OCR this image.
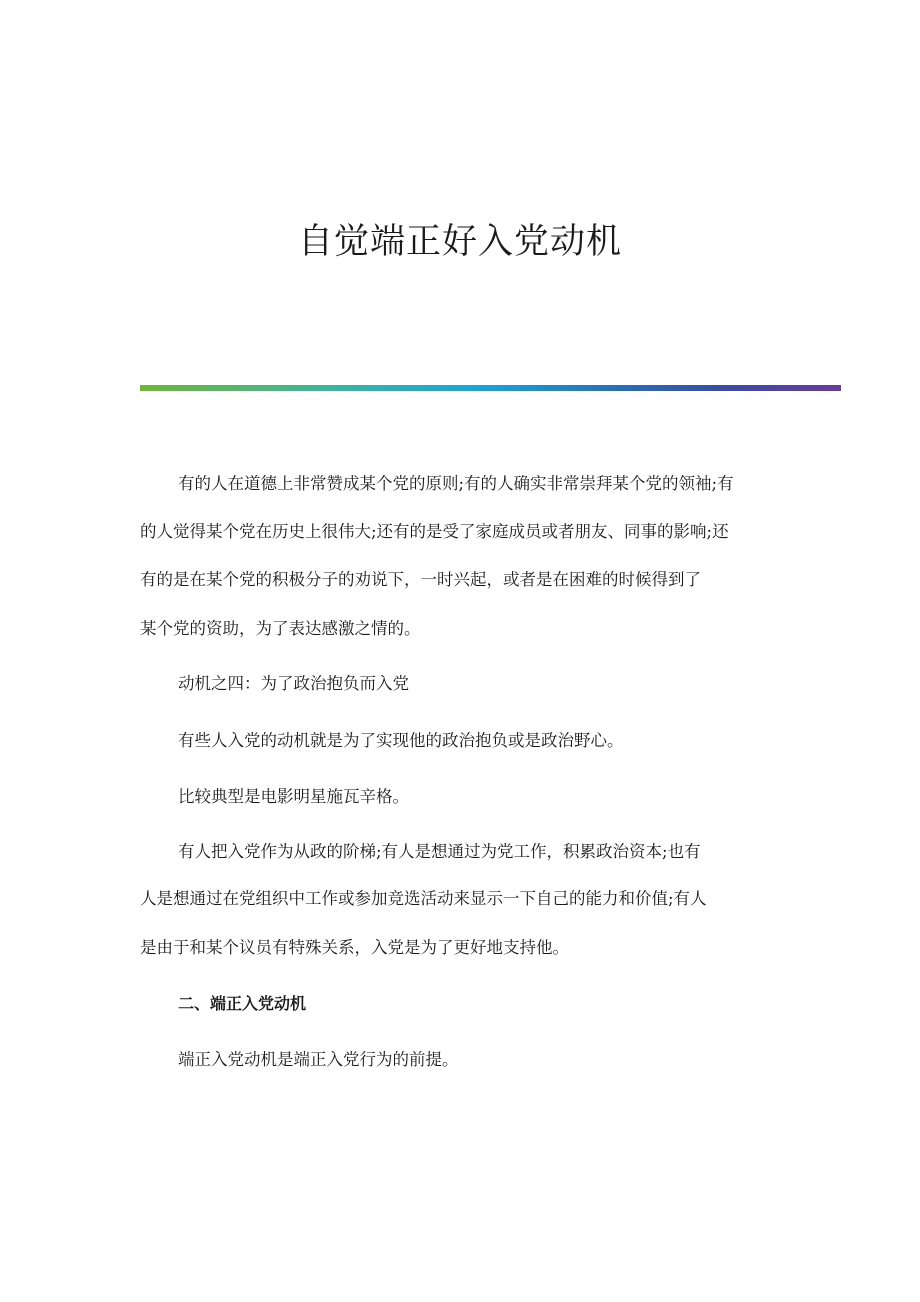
自觉端正好入党动机

有的人在道德上非常赞成某个党的原则;有的人确实非常崇拜某个党的领袖;有

的人觉得某个党在历史上很伟大;还有的是受了家庭成员或者朋友、同事的影响;还

有的是在某个党的积极分子的劝说下，一时兴起，或者是在困难的时候得到了

某个党的资助，为了表达感激之情的。

动机之四：为了政治抱负而入党

有些人入党的动机就是为了实现他的政治抱负或是政治野心。

比较典型是电影明星施瓦辛格。

有人把入党作为从政的阶梯;有人是想通过为党工作，积累政治资本;也有

人是想通过在党组织中工作或参加竞选活动来显示一下自己的能力和价值;有人

是由于和某个议员有特殊关系，入党是为了更好地支持他。

二、端正入党动机

端正入党动机是端正入党行为的前提。
